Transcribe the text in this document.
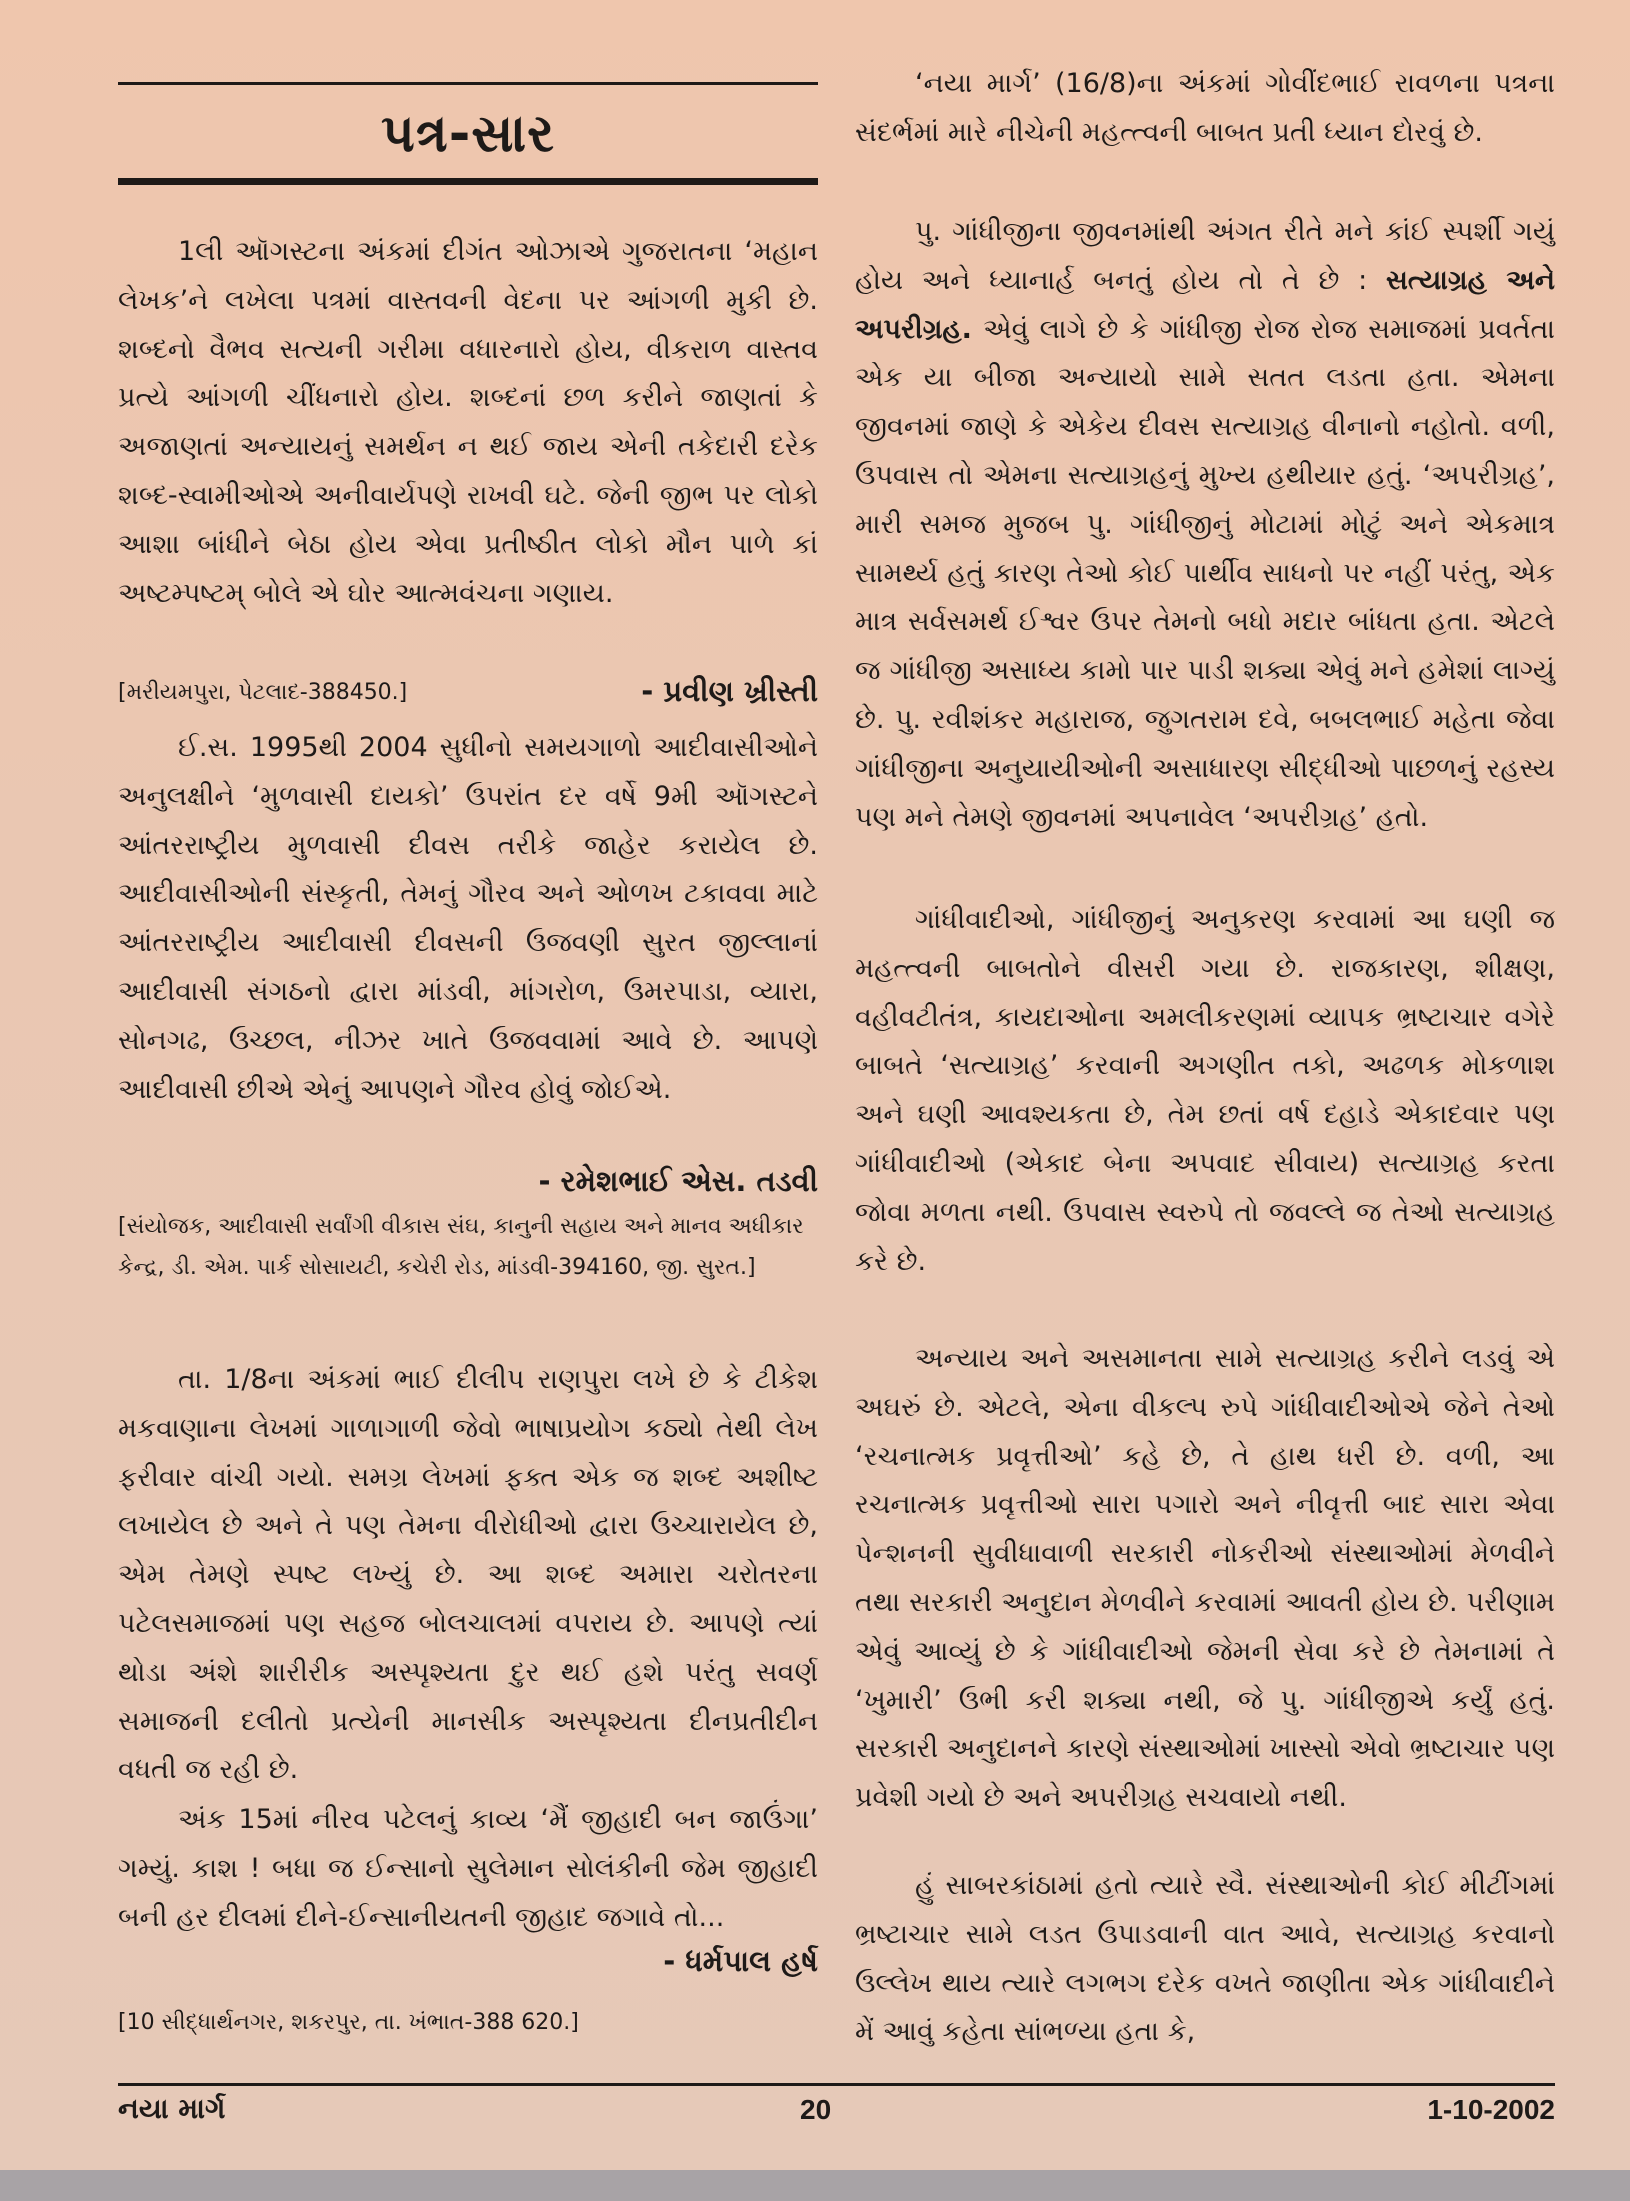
પત્ર-સાર

1લી ઑગસ્ટના અંકમાં દીગંત ઓઝાએ ગુજરાતના ‘મહાન લેખક’ને લખેલા પત્રમાં વાસ્તવની વેદના પર આંગળી મુકી છે. શબ્દનો વૈભવ સત્યની ગરીમા વધારનારો હોય, વીકરાળ વાસ્તવ પ્રત્યે આંગળી ચીંધનારો હોય. શબ્દનાં છળ કરીને જાણતાં કે અજાણતાં અન્યાયનું સમર્થન ન થઈ જાય એની તકેદારી દરેક શબ્દ-સ્વામીઓએ અનીવાર્યપણે રાખવી ઘટે. જેની જીભ પર લોકો આશા બાંધીને બેઠા હોય એવા પ્રતીષ્ઠીત લોકો મૌન પાળે કાં અષ્ટમ્પષ્ટમ્ બોલે એ ઘોર આત્મવંચના ગણાય.

[મરીયમપુરા, પેટલાદ-388450.]	- પ્રવીણ ખ્રીસ્તી

ઈ.સ. 1995થી 2004 સુધીનો સમયગાળો આદીવાસીઓને અનુલક્ષીને ‘મુળવાસી દાયકો’ ઉપરાંત દર વર્ષે 9મી ઑગસ્ટને આંતરરાષ્ટ્રીય મુળવાસી દીવસ તરીકે જાહેર કરાયેલ છે. આદીવાસીઓની સંસ્કૃતી, તેમનું ગૌરવ અને ઓળખ ટકાવવા માટે આંતરરાષ્ટ્રીય આદીવાસી દીવસની ઉજવણી સુરત જીલ્લાનાં આદીવાસી સંગઠનો દ્વારા માંડવી, માંગરોળ, ઉમરપાડા, વ્યારા, સોનગઢ, ઉચ્છલ, નીઝર ખાતે ઉજવવામાં આવે છે. આપણે આદીવાસી છીએ એનું આપણને ગૌરવ હોવું જોઈએ.

- રમેશભાઈ એસ. તડવી
[સંયોજક, આદીવાસી સર્વાંગી વીકાસ સંઘ, કાનુની સહાય અને માનવ અધીકાર કેન્દ્ર, ડી. એમ. પાર્ક સોસાયટી, કચેરી રોડ, માંડવી-394160, જી. સુરત.]

તા. 1/8ના અંકમાં ભાઈ દીલીપ રાણપુરા લખે છે કે ટીકેશ મકવાણાના લેખમાં ગાળાગાળી જેવો ભાષાપ્રયોગ કઠ્યો તેથી લેખ ફરીવાર વાંચી ગયો. સમગ્ર લેખમાં ફક્ત એક જ શબ્દ અશીષ્ટ લખાયેલ છે અને તે પણ તેમના વીરોધીઓ દ્વારા ઉચ્ચારાયેલ છે, એમ તેમણે સ્પષ્ટ લખ્યું છે. આ શબ્દ અમારા ચરોતરના પટેલસમાજમાં પણ સહજ બોલચાલમાં વપરાય છે. આપણે ત્યાં થોડા અંશે શારીરીક અસ્પૃશ્યતા દુર થઈ હશે પરંતુ સવર્ણ સમાજની દલીતો પ્રત્યેની માનસીક અસ્પૃશ્યતા દીનપ્રતીદીન વધતી જ રહી છે.

અંક 15માં નીરવ પટેલનું કાવ્ય ‘મૈં જીહાદી બન જાઉંગા’ ગમ્યું. કાશ ! બધા જ ઈન્સાનો સુલેમાન સોલંકીની જેમ જીહાદી બની હર દીલમાં દીને-ઈન્સાનીયતની જીહાદ જગાવે તો...

- ધર્મપાલ હર્ષ
[10 સીદ્ધાર્થનગર, શકરપુર, તા. ખંભાત-388 620.]

‘નયા માર્ગ’ (16/8)ના અંકમાં ગોવીંદભાઈ રાવળના પત્રના સંદર્ભમાં મારે નીચેની મહત્ત્વની બાબત પ્રતી ધ્યાન દોરવું છે.

પુ. ગાંધીજીના જીવનમાંથી અંગત રીતે મને કાંઈ સ્પર્શી ગયું હોય અને ધ્યાનાર્હ બનતું હોય તો તે છે : સત્યાગ્રહ અને અપરીગ્રહ. એવું લાગે છે કે ગાંધીજી રોજ રોજ સમાજમાં પ્રવર્તતા એક યા બીજા અન્યાયો સામે સતત લડતા હતા. એમના જીવનમાં જાણે કે એકેય દીવસ સત્યાગ્રહ વીનાનો નહોતો. વળી, ઉપવાસ તો એમના સત્યાગ્રહનું મુખ્ય હથીયાર હતું. ‘અપરીગ્રહ’, મારી સમજ મુજબ પુ. ગાંધીજીનું મોટામાં મોટું અને એકમાત્ર સામર્થ્ય હતું કારણ તેઓ કોઈ પાર્થીવ સાધનો પર નહીં પરંતુ, એક માત્ર સર્વસમર્થ ઈશ્વર ઉપર તેમનો બધો મદાર બાંધતા હતા. એટલે જ ગાંધીજી અસાધ્ય કામો પાર પાડી શક્યા એવું મને હમેશાં લાગ્યું છે. પુ. રવીશંકર મહારાજ, જુગતરામ દવે, બબલભાઈ મહેતા જેવા ગાંધીજીના અનુયાયીઓની અસાધારણ સીદ્ધીઓ પાછળનું રહસ્ય પણ મને તેમણે જીવનમાં અપનાવેલ ‘અપરીગ્રહ’ હતો.

ગાંધીવાદીઓ, ગાંધીજીનું અનુકરણ કરવામાં આ ઘણી જ મહત્ત્વની બાબતોને વીસરી ગયા છે. રાજકારણ, શીક્ષણ, વહીવટીતંત્ર, કાયદાઓના અમલીકરણમાં વ્યાપક ભ્રષ્ટાચાર વગેરે બાબતે ‘સત્યાગ્રહ’ કરવાની અગણીત તકો, અઢળક મોકળાશ અને ઘણી આવશ્યકતા છે, તેમ છતાં વર્ષ દહાડે એકાદવાર પણ ગાંધીવાદીઓ (એકાદ બેના અપવાદ સીવાય) સત્યાગ્રહ કરતા જોવા મળતા નથી. ઉપવાસ સ્વરુપે તો જવલ્લે જ તેઓ સત્યાગ્રહ કરે છે.

અન્યાય અને અસમાનતા સામે સત્યાગ્રહ કરીને લડવું એ અઘરું છે. એટલે, એના વીકલ્પ રુપે ગાંધીવાદીઓએ જેને તેઓ ‘રચનાત્મક પ્રવૃત્તીઓ’ કહે છે, તે હાથ ધરી છે. વળી, આ રચનાત્મક પ્રવૃત્તીઓ સારા પગારો અને નીવૃત્તી બાદ સારા એવા પેન્શનની સુવીધાવાળી સરકારી નોકરીઓ સંસ્થાઓમાં મેળવીને તથા સરકારી અનુદાન મેળવીને કરવામાં આવતી હોય છે. પરીણામ એવું આવ્યું છે કે ગાંધીવાદીઓ જેમની સેવા કરે છે તેમનામાં તે ‘ખુમારી’ ઉભી કરી શક્યા નથી, જે પુ. ગાંધીજીએ કર્યું હતું. સરકારી અનુદાનને કારણે સંસ્થાઓમાં ખાસ્સો એવો ભ્રષ્ટાચાર પણ પ્રવેશી ગયો છે અને અપરીગ્રહ સચવાયો નથી.

હું સાબરકાંઠામાં હતો ત્યારે સ્વૈ. સંસ્થાઓની કોઈ મીટીંગમાં ભ્રષ્ટાચાર સામે લડત ઉપાડવાની વાત આવે, સત્યાગ્રહ કરવાનો ઉલ્લેખ થાય ત્યારે લગભગ દરેક વખતે જાણીતા એક ગાંધીવાદીને મેં આવું કહેતા સાંભળ્યા હતા કે,

નયા માર્ગ	20	1-10-2002
